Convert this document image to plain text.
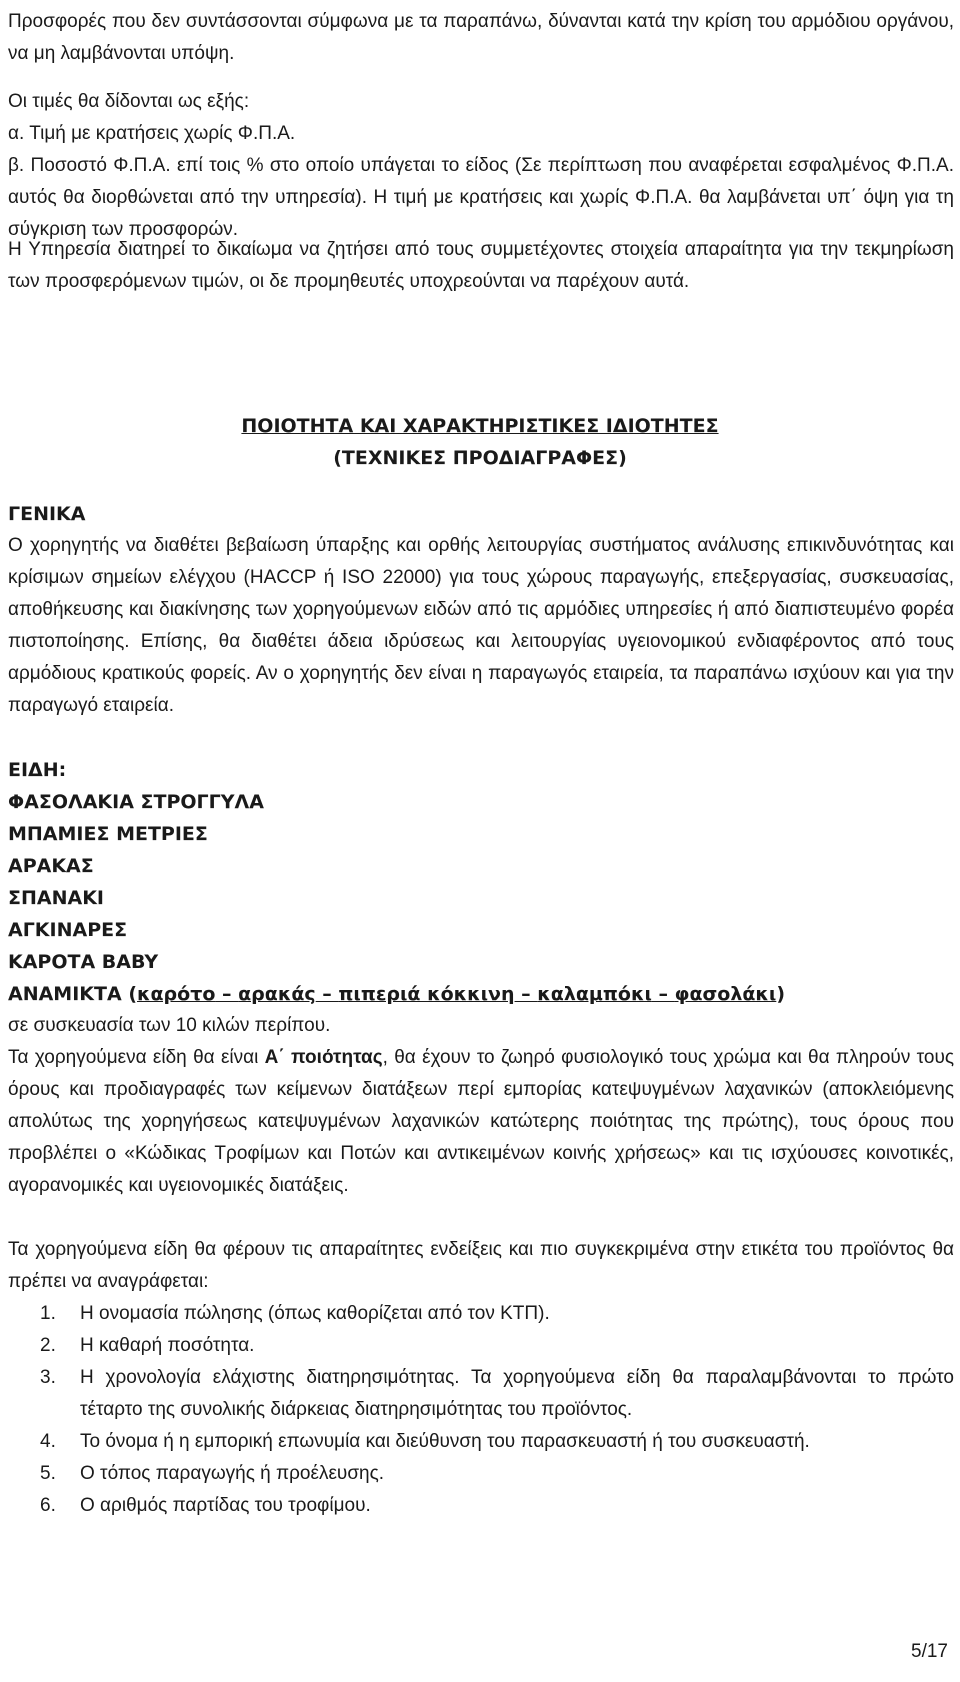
Προσφορές που δεν συντάσσονται σύμφωνα με τα παραπάνω, δύνανται κατά την κρίση του αρμόδιου οργάνου, να μη λαμβάνονται υπόψη.

Οι τιμές θα δίδονται ως εξής:

α. Τιμή με κρατήσεις χωρίς Φ.Π.Α.

β. Ποσοστό Φ.Π.Α. επί τοις % στο οποίο υπάγεται το είδος (Σε περίπτωση που αναφέρεται εσφαλμένος Φ.Π.Α. αυτός θα διορθώνεται από την υπηρεσία). Η τιμή με κρατήσεις και χωρίς Φ.Π.Α. θα λαμβάνεται υπ΄ όψη για τη σύγκριση των προσφορών.

Η Υπηρεσία διατηρεί το δικαίωμα να ζητήσει από τους συμμετέχοντες στοιχεία απαραίτητα για την τεκμηρίωση των προσφερόμενων τιμών, οι δε προμηθευτές υποχρεούνται να παρέχουν αυτά.

ΠΟΙΟΤΗΤΑ ΚΑΙ ΧΑΡΑΚΤΗΡΙΣΤΙΚΕΣ ΙΔΙΟΤΗΤΕΣ

(ΤΕΧΝΙΚΕΣ ΠΡΟΔΙΑΓΡΑΦΕΣ)

ΓΕΝΙΚΑ

Ο χορηγητής να διαθέτει βεβαίωση ύπαρξης και ορθής λειτουργίας συστήματος ανάλυσης επικινδυνότητας και κρίσιμων σημείων ελέγχου (HACCP ή ISO 22000) για τους χώρους παραγωγής, επεξεργασίας, συσκευασίας, αποθήκευσης και διακίνησης των χορηγούμενων ειδών από τις αρμόδιες υπηρεσίες ή από διαπιστευμένο φορέα πιστοποίησης. Επίσης, θα διαθέτει άδεια ιδρύσεως και λειτουργίας υγειονομικού ενδιαφέροντος από τους αρμόδιους κρατικούς φορείς. Αν ο χορηγητής δεν είναι η παραγωγός εταιρεία, τα παραπάνω ισχύουν και για την παραγωγό εταιρεία.

ΕΙΔΗ:

ΦΑΣΟΛΑΚΙΑ ΣΤΡΟΓΓΥΛΑ
ΜΠΑΜΙΕΣ ΜΕΤΡΙΕΣ
ΑΡΑΚΑΣ
ΣΠΑΝΑΚΙ
ΑΓΚΙΝΑΡΕΣ
ΚΑΡΟΤΑ BABY
ΑΝΑΜΙΚΤΑ (καρότο – αρακάς – πιπεριά κόκκινη – καλαμπόκι – φασολάκι)

σε συσκευασία των 10 κιλών περίπου.

Τα χορηγούμενα είδη θα είναι Α΄ ποιότητας, θα έχουν το ζωηρό φυσιολογικό τους χρώμα και θα πληρούν τους όρους και προδιαγραφές των κείμενων διατάξεων περί εμπορίας κατεψυγμένων λαχανικών (αποκλειόμενης απολύτως της χορηγήσεως κατεψυγμένων λαχανικών κατώτερης ποιότητας της πρώτης), τους όρους που προβλέπει ο «Κώδικας Τροφίμων και Ποτών και αντικειμένων κοινής χρήσεως» και τις ισχύουσες κοινοτικές, αγορανομικές και υγειονομικές διατάξεις.

Τα χορηγούμενα είδη θα φέρουν τις απαραίτητες ενδείξεις και πιο συγκεκριμένα στην ετικέτα του προϊόντος θα πρέπει να αναγράφεται:

1. Η ονομασία πώλησης (όπως καθορίζεται από τον ΚΤΠ).
2. Η καθαρή ποσότητα.
3. Η χρονολογία ελάχιστης διατηρησιμότητας. Τα χορηγούμενα είδη θα παραλαμβάνονται το πρώτο τέταρτο της συνολικής διάρκειας διατηρησιμότητας του προϊόντος.
4. Το όνομα ή η εμπορική επωνυμία και διεύθυνση του παρασκευαστή ή του συσκευαστή.
5. Ο τόπος παραγωγής ή προέλευσης.
6. Ο αριθμός παρτίδας του τροφίμου.
5/17
